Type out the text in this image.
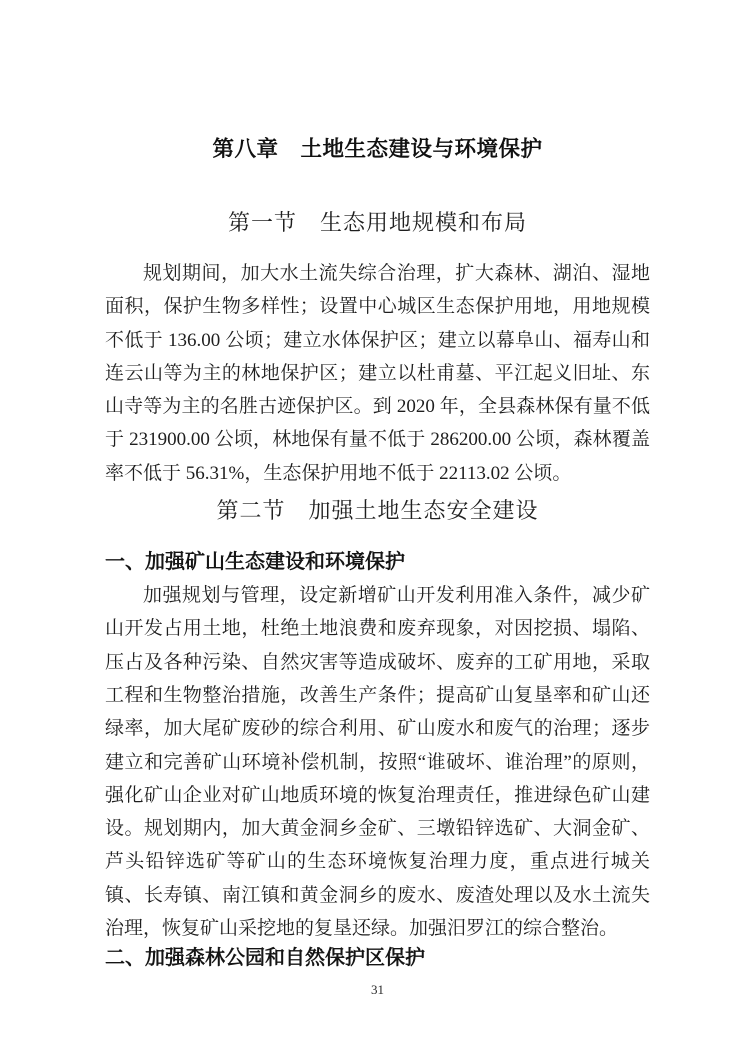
第八章　土地生态建设与环境保护
第一节　生态用地规模和布局

规划期间，加大水土流失综合治理，扩大森林、湖泊、湿地面积，保护生物多样性；设置中心城区生态保护用地，用地规模不低于 136.00 公顷；建立水体保护区；建立以幕阜山、福寿山和连云山等为主的林地保护区；建立以杜甫墓、平江起义旧址、东山寺等为主的名胜古迹保护区。到 2020 年，全县森林保有量不低于 231900.00 公顷，林地保有量不低于 286200.00 公顷，森林覆盖率不低于 56.31%，生态保护用地不低于 22113.02 公顷。

第二节　加强土地生态安全建设
一、加强矿山生态建设和环境保护

加强规划与管理，设定新增矿山开发利用准入条件，减少矿山开发占用土地，杜绝土地浪费和废弃现象，对因挖损、塌陷、压占及各种污染、自然灾害等造成破坏、废弃的工矿用地，采取工程和生物整治措施，改善生产条件；提高矿山复垦率和矿山还绿率，加大尾矿废砂的综合利用、矿山废水和废气的治理；逐步建立和完善矿山环境补偿机制，按照“谁破坏、谁治理”的原则，强化矿山企业对矿山地质环境的恢复治理责任，推进绿色矿山建设。规划期内，加大黄金洞乡金矿、三墩铅锌选矿、大洞金矿、芦头铅锌选矿等矿山的生态环境恢复治理力度，重点进行城关镇、长寿镇、南江镇和黄金洞乡的废水、废渣处理以及水土流失治理，恢复矿山采挖地的复垦还绿。加强汨罗江的综合整治。

二、加强森林公园和自然保护区保护
31
